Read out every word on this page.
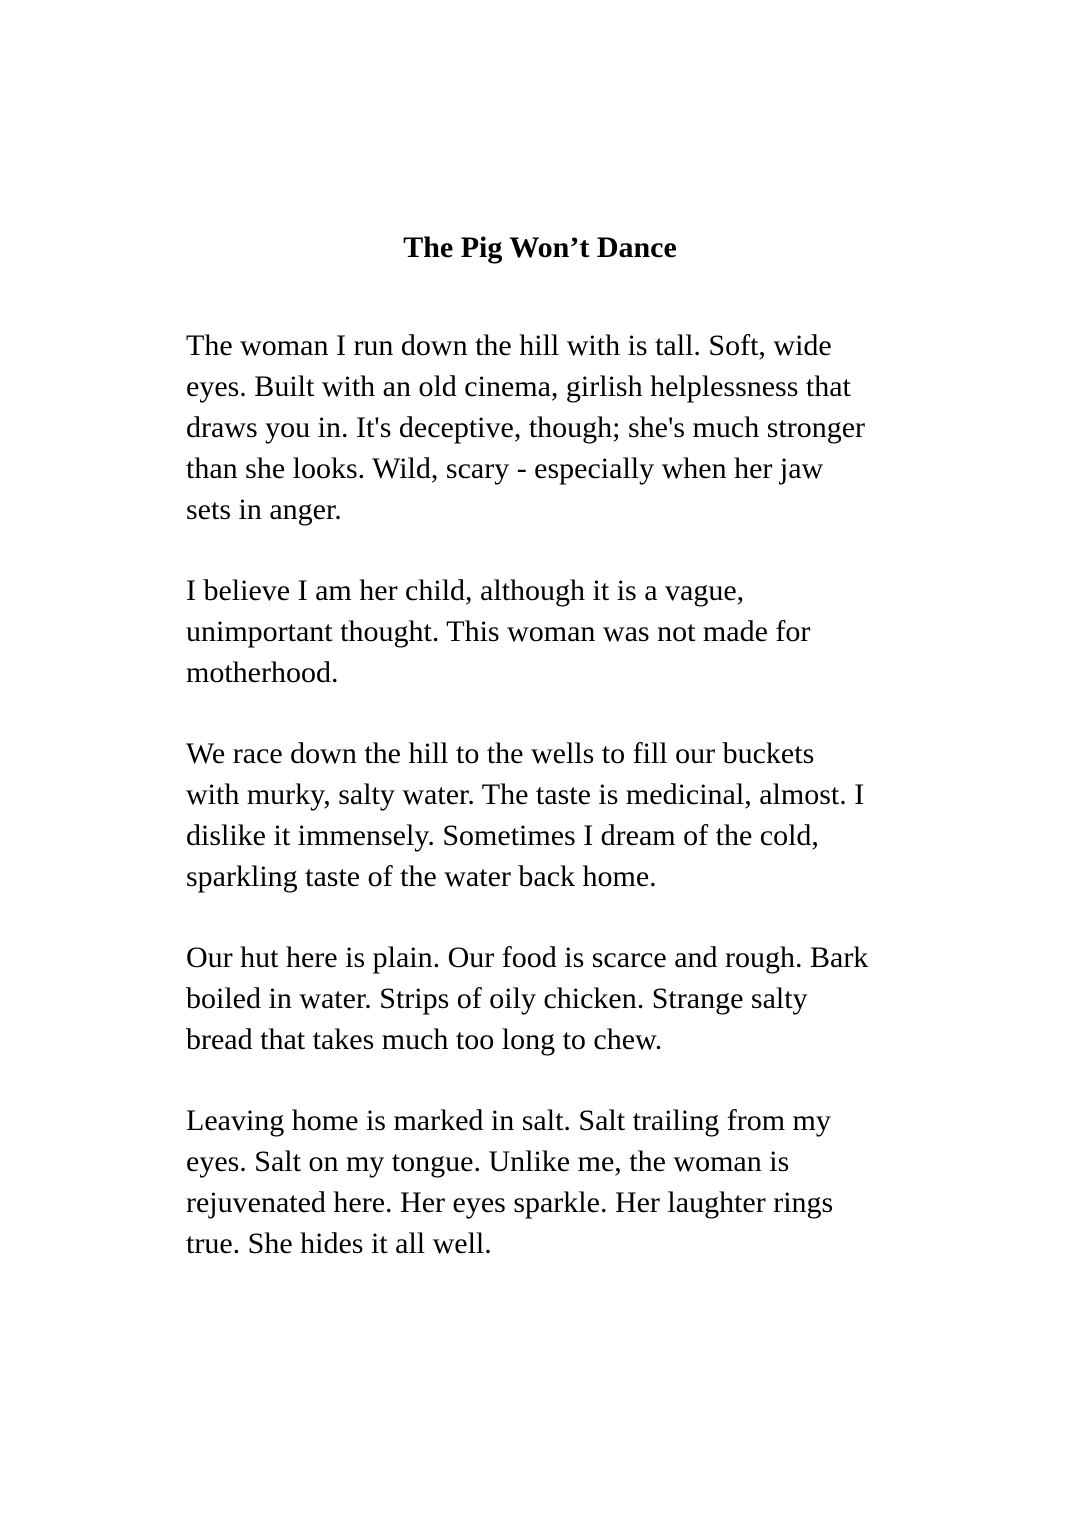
The Pig Won’t Dance

The woman I run down the hill with is tall. Soft, wide
eyes. Built with an old cinema, girlish helplessness that
draws you in. It's deceptive, though; she's much stronger
than she looks. Wild, scary - especially when her jaw
sets in anger.

I believe I am her child, although it is a vague,
unimportant thought. This woman was not made for
motherhood.

We race down the hill to the wells to fill our buckets
with murky, salty water. The taste is medicinal, almost. I
dislike it immensely. Sometimes I dream of the cold,
sparkling taste of the water back home.

Our hut here is plain. Our food is scarce and rough. Bark
boiled in water. Strips of oily chicken. Strange salty
bread that takes much too long to chew.

Leaving home is marked in salt. Salt trailing from my
eyes. Salt on my tongue. Unlike me, the woman is
rejuvenated here. Her eyes sparkle. Her laughter rings
true. She hides it all well.
